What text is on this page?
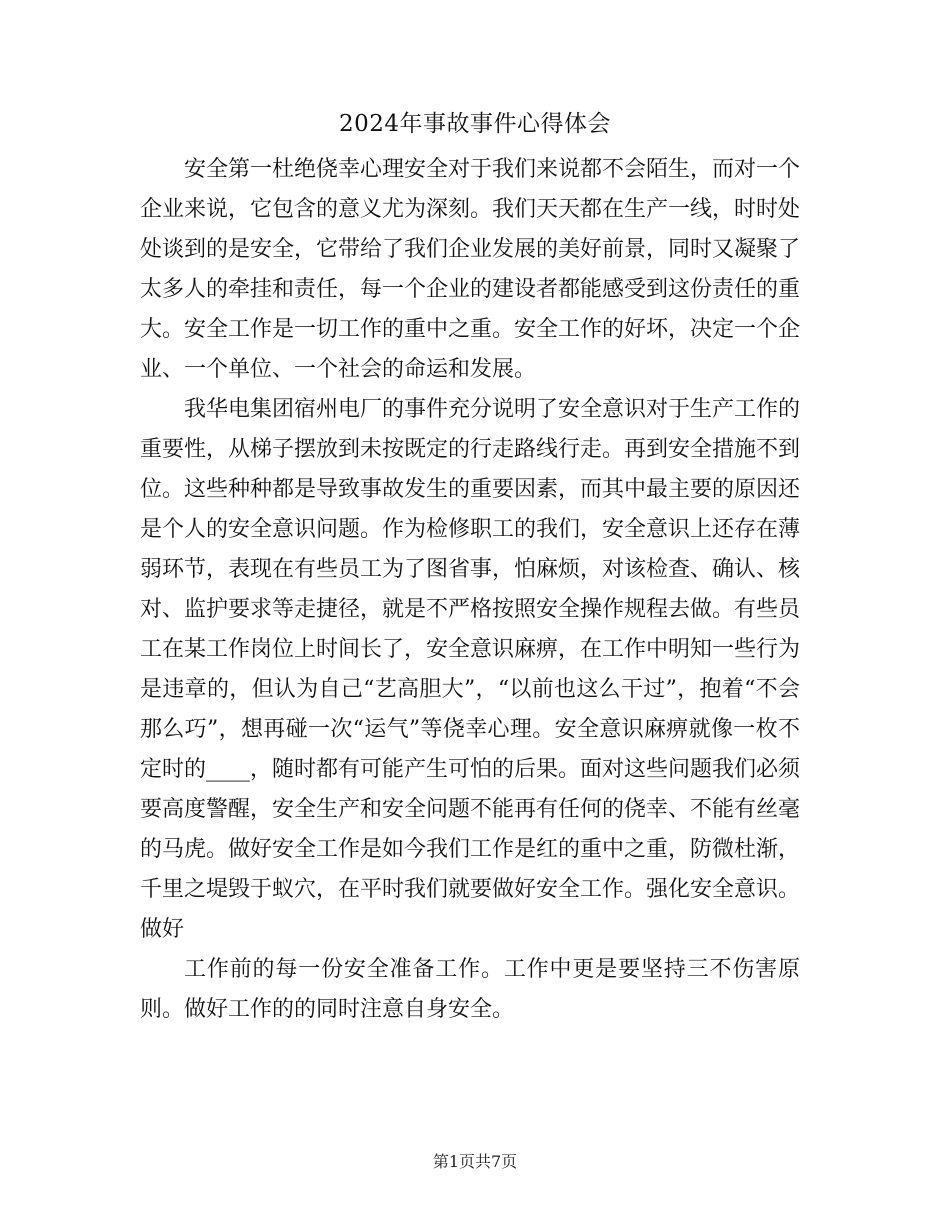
2024年事故事件心得体会

安全第一杜绝侥幸心理安全对于我们来说都不会陌生，而对一个企业来说，它包含的意义尤为深刻。我们天天都在生产一线，时时处处谈到的是安全，它带给了我们企业发展的美好前景，同时又凝聚了太多人的牵挂和责任，每一个企业的建设者都能感受到这份责任的重大。安全工作是一切工作的重中之重。安全工作的好坏，决定一个企业、一个单位、一个社会的命运和发展。

我华电集团宿州电厂的事件充分说明了安全意识对于生产工作的重要性，从梯子摆放到未按既定的行走路线行走。再到安全措施不到位。这些种种都是导致事故发生的重要因素，而其中最主要的原因还是个人的安全意识问题。作为检修职工的我们，安全意识上还存在薄弱环节，表现在有些员工为了图省事，怕麻烦，对该检查、确认、核对、监护要求等走捷径，就是不严格按照安全操作规程去做。有些员工在某工作岗位上时间长了，安全意识麻痹，在工作中明知一些行为是违章的，但认为自己“艺高胆大”，“以前也这么干过”，抱着“不会那么巧”，想再碰一次“运气”等侥幸心理。安全意识麻痹就像一枚不定时的____，随时都有可能产生可怕的后果。面对这些问题我们必须要高度警醒，安全生产和安全问题不能再有任何的侥幸、不能有丝毫的马虎。做好安全工作是如今我们工作是红的重中之重，防微杜渐，千里之堤毁于蚁穴，在平时我们就要做好安全工作。强化安全意识。做好

工作前的每一份安全准备工作。工作中更是要坚持三不伤害原则。做好工作的的同时注意自身安全。

第1页共7页
